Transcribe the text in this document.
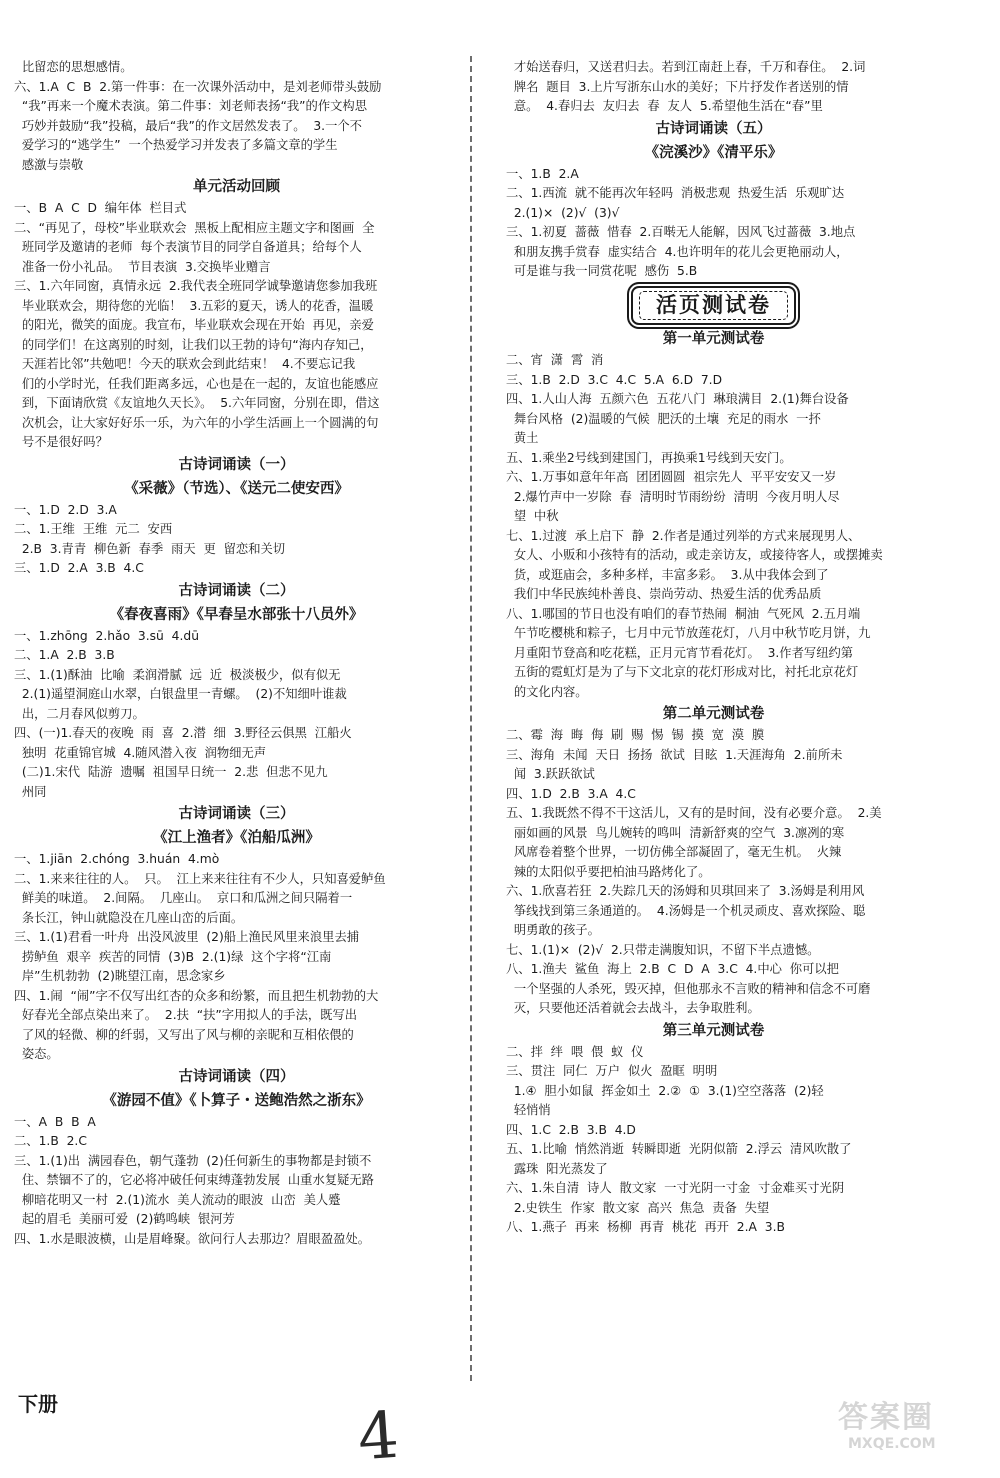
比留恋的思想感情。
六、1.A  C  B  2.第一件事：在一次课外活动中，是刘老师带头鼓励
“我”再来一个魔术表演。第二件事：刘老师表扬“我”的作文构思
巧妙并鼓励“我”投稿，最后“我”的作文居然发表了。  3.一个不
爱学习的“逃学生”  一个热爱学习并发表了多篇文章的学生
感激与崇敬
单元活动回顾
一、B  A  C  D  编年体  栏目式
二、“再见了，母校”毕业联欢会  黑板上配相应主题文字和图画  全
班同学及邀请的老师  每个表演节目的同学自备道具；给每个人
准备一份小礼品。  节目表演  3.交换毕业赠言
三、1.六年同窗，真情永远  2.我代表全班同学诚挚邀请您参加我班
毕业联欢会，期待您的光临！  3.五彩的夏天，诱人的花香，温暖
的阳光，微笑的面庞。我宣布，毕业联欢会现在开始  再见，亲爱
的同学们！在这离别的时刻，让我们以王勃的诗句“海内存知己，
天涯若比邻”共勉吧！今天的联欢会到此结束！  4.不要忘记我
们的小学时光，任我们距离多远，心也是在一起的，友谊也能感应
到，下面请欣赏《友谊地久天长》。  5.六年同窗，分别在即，借这
次机会，让大家好好乐一乐，为六年的小学生活画上一个圆满的句
号不是很好吗？
古诗词诵读（一）
《采薇》（节选）、《送元二使安西》
一、1.D  2.D  3.A
二、1.王维  王维  元二  安西
2.B  3.青青  柳色新  春季  雨天  更  留恋和关切
三、1.D  2.A  3.B  4.C
古诗词诵读（二）
《春夜喜雨》《早春呈水部张十八员外》
一、1.zhōng  2.hǎo  3.sū  4.dū
二、1.A  2.B  3.B
三、1.(1)酥油  比喻  柔润滑腻  远  近  极淡极少，似有似无
2.(1)遥望洞庭山水翠，白银盘里一青螺。  (2)不知细叶谁裁
出，二月春风似剪刀。
四、(一)1.春天的夜晚  雨  喜  2.潜  细  3.野径云俱黑  江船火
独明  花重锦官城  4.随风潜入夜  润物细无声
(二)1.宋代  陆游  遗嘱  祖国早日统一  2.悲  但悲不见九
州同
古诗词诵读（三）
《江上渔者》《泊船瓜洲》
一、1.jiān  2.chóng  3.huán  4.mò
二、1.来来往往的人。  只。  江上来来往往有不少人，只知喜爱鲈鱼
鲜美的味道。  2.间隔。  几座山。  京口和瓜洲之间只隔着一
条长江，钟山就隐没在几座山峦的后面。
三、1.(1)君看一叶舟  出没风波里  (2)船上渔民风里来浪里去捕
捞鲈鱼  艰辛  疾苦的同情  (3)B  2.(1)绿  这个字将“江南
岸”生机勃勃  (2)眺望江南，思念家乡
四、1.闹  “闹”字不仅写出红杏的众多和纷繁，而且把生机勃勃的大
好春光全部点染出来了。  2.扶  “扶”字用拟人的手法，既写出
了风的轻微、柳的纤弱，又写出了风与柳的亲昵和互相依偎的
姿态。
古诗词诵读（四）
《游园不值》《卜算子・送鲍浩然之浙东》
一、A  B  B  A
二、1.B  2.C
三、1.(1)出  满园春色，朝气蓬勃  (2)任何新生的事物都是封锁不
住、禁锢不了的，它必将冲破任何束缚蓬勃发展  山重水复疑无路
柳暗花明又一村  2.(1)流水  美人流动的眼波  山峦  美人蹙
起的眉毛  美丽可爱  (2)鹤鸣峡  银河芳
四、1.水是眼波横，山是眉峰聚。欲问行人去那边？眉眼盈盈处。
才始送春归，又送君归去。若到江南赶上春，千万和春住。  2.词
牌名  题目  3.上片写浙东山水的美好；下片抒发作者送别的情
意。  4.春归去  友归去  春  友人  5.希望他生活在“春”里
古诗词诵读（五）
《浣溪沙》《清平乐》
一、1.B  2.A
二、1.西流  就不能再次年轻吗  消极悲观  热爱生活  乐观旷达
2.(1)×  (2)√  (3)√
三、1.初夏  蔷薇  惜春  2.百啭无人能解，因风飞过蔷薇  3.地点
和朋友携手赏春  虚实结合  4.也许明年的花儿会更艳丽动人，
可是谁与我一同赏花呢  感伤  5.B
活页测试卷
第一单元测试卷
二、宵  潇  霄  消
三、1.B  2.D  3.C  4.C  5.A  6.D  7.D
四、1.人山人海  五颜六色  五花八门  琳琅满目  2.(1)舞台设备
舞台风格  (2)温暖的气候  肥沃的土壤  充足的雨水  一抔
黄土
五、1.乘坐2号线到建国门，再换乘1号线到天安门。
六、1.万事如意年年高  团团圆圆  祖宗先人  平平安安又一岁
2.爆竹声中一岁除  春  清明时节雨纷纷  清明  今夜月明人尽
望  中秋
七、1.过渡  承上启下  静  2.作者是通过列举的方式来展现男人、
女人、小贩和小孩特有的活动，或走亲访友，或接待客人，或摆摊卖
货，或逛庙会，多种多样，丰富多彩。  3.从中我体会到了
我们中华民族纯朴善良、崇尚劳动、热爱生活的优秀品质
八、1.哪国的节日也没有咱们的春节热闹  桐油  气死风  2.五月端
午节吃樱桃和粽子，七月中元节放莲花灯，八月中秋节吃月饼，九
月重阳节登高和吃花糕，正月元宵节看花灯。  3.作者写纽约第
五街的霓虹灯是为了与下文北京的花灯形成对比，衬托北京花灯
的文化内容。
第二单元测试卷
二、霉  海  晦  侮  刷  赐  惕  锡  摸  宽  漠  膜
三、海角  未闻  天日  扬扬  欲试  目眩  1.天涯海角  2.前所未
闻  3.跃跃欲试
四、1.D  2.B  3.A  4.C
五、1.我既然不得不干这活儿，又有的是时间，没有必要介意。  2.美
丽如画的风景  鸟儿婉转的鸣叫  清新舒爽的空气  3.凛冽的寒
风席卷着整个世界，一切仿佛全部凝固了，毫无生机。  火辣
辣的太阳似乎要把柏油马路烤化了。
六、1.欣喜若狂  2.失踪几天的汤姆和贝琪回来了  3.汤姆是利用风
筝线找到第三条通道的。  4.汤姆是一个机灵顽皮、喜欢探险、聪
明勇敢的孩子。
七、1.(1)×  (2)√  2.只带走满腹知识，不留下半点遗憾。
八、1.渔夫  鲨鱼  海上  2.B  C  D  A  3.C  4.中心  你可以把
一个坚强的人杀死，毁灭掉，但他那永不言败的精神和信念不可磨
灭，只要他还活着就会去战斗，去争取胜利。
第三单元测试卷
二、拌  绊  喂  偎  蚁  仪
三、贯注  同仁  万户  似火  盈眶  明明
1.④  胆小如鼠  挥金如土  2.②  ①  3.(1)空空落落  (2)轻
轻悄悄
四、1.C  2.B  3.B  4.D
五、1.比喻  悄然消逝  转瞬即逝  光阴似箭  2.浮云  清风吹散了
露珠  阳光蒸发了
六、1.朱自清  诗人  散文家  一寸光阴一寸金  寸金难买寸光阴
2.史铁生  作家  散文家  高兴  焦急  责备  失望
八、1.燕子  再来  杨柳  再青  桃花  再开  2.A  3.B
下册	4	答案圈
MXQE.COM
